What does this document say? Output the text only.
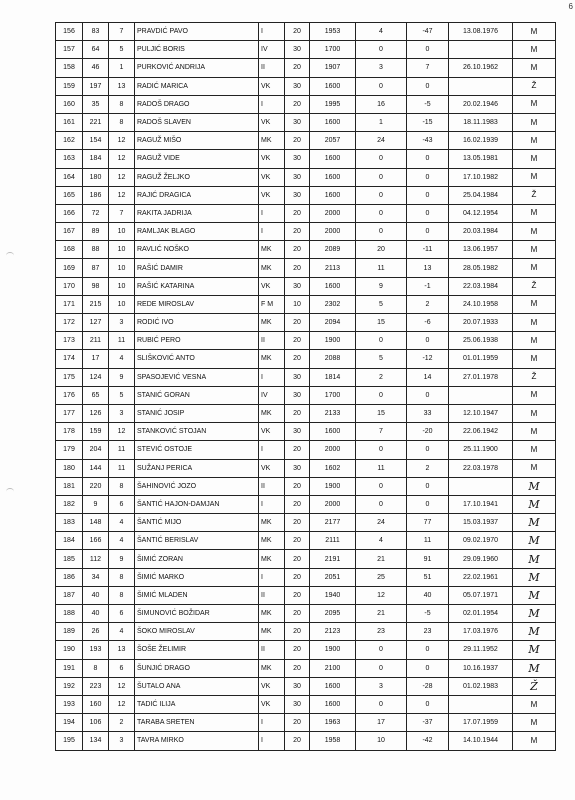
6
156	83	7	PRAVDIĆ PAVO	I	20	1953	4	-47	13.08.1976	M
157	64	5	PULJIĆ BORIS	IV	30	1700	0	0		M
158	46	1	PURKOVIĆ ANDRIJA	II	20	1907	3	7	26.10.1962	M
159	197	13	RADIĆ MARICA	VK	30	1600	0	0		Ž
160	35	8	RADOŠ DRAGO	I	20	1995	16	-5	20.02.1946	M
161	221	8	RADOŠ SLAVEN	VK	30	1600	1	-15	18.11.1983	M
162	154	12	RAGUŽ MIŠO	MK	20	2057	24	-43	16.02.1939	M
163	184	12	RAGUŽ VIDE	VK	30	1600	0	0	13.05.1981	M
164	180	12	RAGUŽ ŽELJKO	VK	30	1600	0	0	17.10.1982	M
165	186	12	RAJIĆ DRAGICA	VK	30	1600	0	0	25.04.1984	Ž
166	72	7	RAKITA JADRIJA	I	20	2000	0	0	04.12.1954	M
167	89	10	RAMLJAK BLAGO	I	20	2000	0	0	20.03.1984	M
168	88	10	RAVLIĆ NOŠKO	MK	20	2089	20	-11	13.06.1957	M
169	87	10	RAŠIĆ DAMIR	MK	20	2113	11	13	28.05.1982	M
170	98	10	RAŠIĆ KATARINA	VK	30	1600	9	-1	22.03.1984	Ž
171	215	10	REDE MIROSLAV	F M	10	2302	5	2	24.10.1958	M
172	127	3	RODIĆ IVO	MK	20	2094	15	-6	20.07.1933	M
173	211	11	RUBIĆ PERO	II	20	1900	0	0	25.06.1938	M
174	17	4	SLIŠKOVIĆ ANTO	MK	20	2088	5	-12	01.01.1959	M
175	124	9	SPASOJEVIĆ VESNA	I	30	1814	2	14	27.01.1978	Ž
176	65	5	STANIĆ GORAN	IV	30	1700	0	0		M
177	126	3	STANIĆ JOSIP	MK	20	2133	15	33	12.10.1947	M
178	159	12	STANKOVIĆ STOJAN	VK	30	1600	7	-20	22.06.1942	M
179	204	11	STEVIĆ OSTOJE	I	20	2000	0	0	25.11.1900	M
180	144	11	SUŽANJ PERICA	VK	30	1602	11	2	22.03.1978	M
181	220	8	ŠAHINOVIĆ JOZO	II	20	1900	0	0		M
182	9	6	ŠANTIĆ HAJON-DAMJAN	I	20	2000	0	0	17.10.1941	M
183	148	4	ŠANTIĆ MIJO	MK	20	2177	24	77	15.03.1937	M
184	166	4	ŠANTIĆ BERISLAV	MK	20	2111	4	11	09.02.1970	M
185	112	9	ŠIMIĆ ZORAN	MK	20	2191	21	91	29.09.1960	M
186	34	8	ŠIMIĆ MARKO	I	20	2051	25	51	22.02.1961	M
187	40	8	ŠIMIĆ MLADEN	II	20	1940	12	40	05.07.1971	M
188	40	6	ŠIMUNOVIĆ BOŽIDAR	MK	20	2095	21	-5	02.01.1954	M
189	26	4	ŠOKO MIROSLAV	MK	20	2123	23	23	17.03.1976	M
190	193	13	ŠOŠE ŽELIMIR	II	20	1900	0	0	29.11.1952	M
191	8	6	ŠUNJIĆ DRAGO	MK	20	2100	0	0	10.16.1937	M
192	223	12	ŠUTALO ANA	VK	30	1600	3	-28	01.02.1983	Ž
193	160	12	TADIĆ ILIJA	VK	30	1600	0	0		M
194	106	2	TARABA SRETEN	I	20	1963	17	-37	17.07.1959	M
195	134	3	TAVRA MIRKO	I	20	1958	10	-42	14.10.1944	M
